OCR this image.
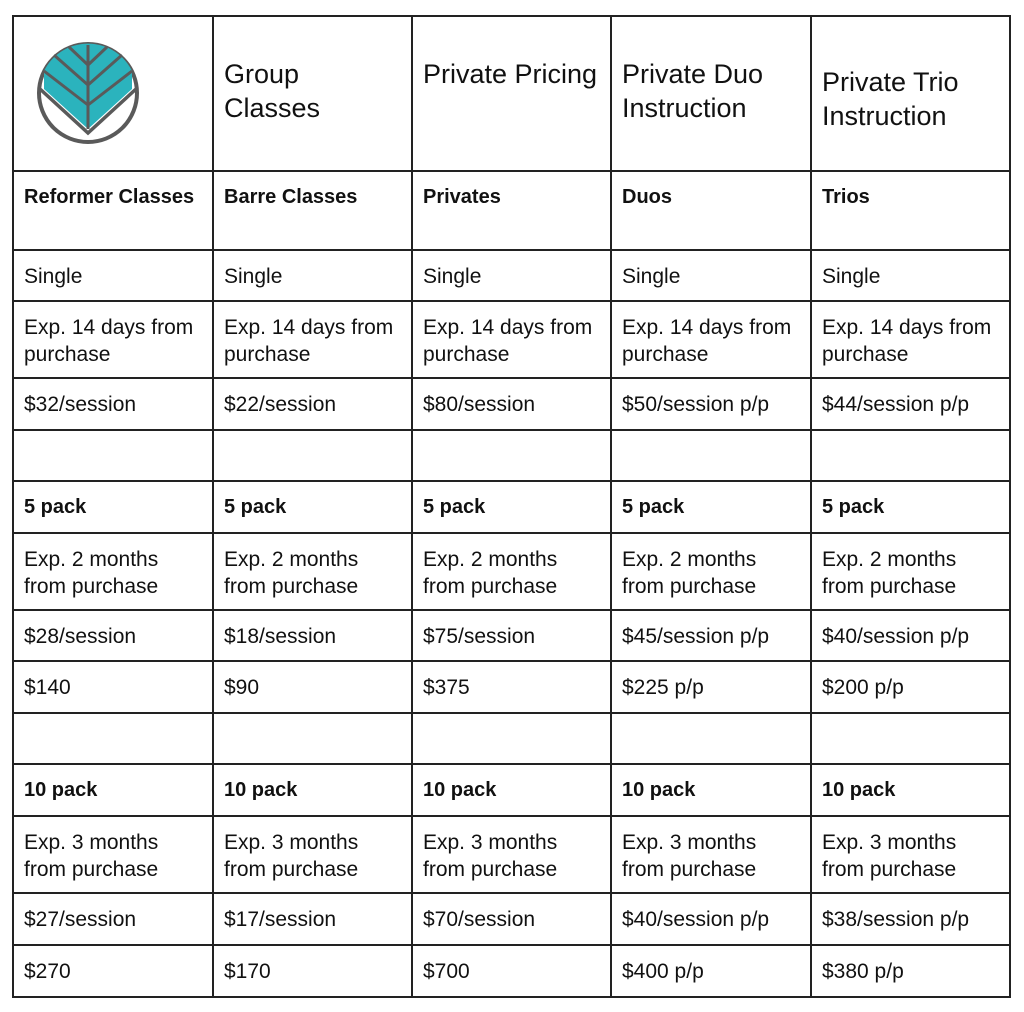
	Group Classes	Private Pricing	Private Duo Instruction	Private Trio Instruction
Reformer Classes	Barre Classes	Privates	Duos	Trios
Single	Single	Single	Single	Single
Exp. 14 days from purchase	Exp. 14 days from purchase	Exp. 14 days from purchase	Exp. 14 days from purchase	Exp. 14 days from purchase
$32/session	$22/session	$80/session	$50/session p/p	$44/session p/p

5 pack	5 pack	5 pack	5 pack	5 pack
Exp. 2 months from purchase	Exp. 2 months from purchase	Exp. 2 months from purchase	Exp. 2 months from purchase	Exp. 2 months from purchase
$28/session	$18/session	$75/session	$45/session p/p	$40/session p/p
$140	$90	$375	$225 p/p	$200 p/p

10 pack	10 pack	10 pack	10 pack	10 pack
Exp. 3 months from purchase	Exp. 3 months from purchase	Exp. 3 months from purchase	Exp. 3 months from purchase	Exp. 3 months from purchase
$27/session	$17/session	$70/session	$40/session p/p	$38/session p/p
$270	$170	$700	$400 p/p	$380 p/p
